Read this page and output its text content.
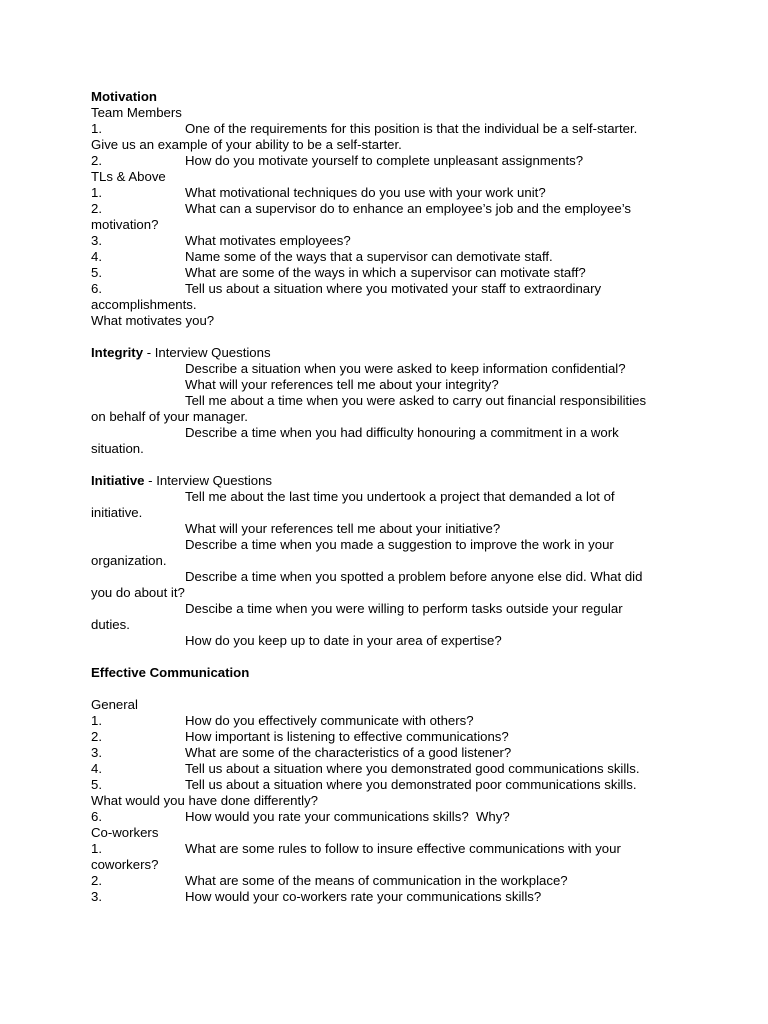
Motivation

Team Members

1.	One of the requirements for this position is that the individual be a self-starter.

Give us an example of your ability to be a self-starter.

2.	How do you motivate yourself to complete unpleasant assignments?

TLs & Above

1.	What motivational techniques do you use with your work unit?
2.	What can a supervisor do to enhance an employee’s job and the employee’s

motivation?

3.	What motivates employees?
4.	Name some of the ways that a supervisor can demotivate staff.
5.	What are some of the ways in which a supervisor can motivate staff?
6.	Tell us about a situation where you motivated your staff to extraordinary

accomplishments.

What motivates you?

Integrity - Interview Questions

Describe a situation when you were asked to keep information confidential?

What will your references tell me about your integrity?

Tell me about a time when you were asked to carry out financial responsibilities

on behalf of your manager.

Describe a time when you had difficulty honouring a commitment in a work

situation.

Initiative - Interview Questions

Tell me about the last time you undertook a project that demanded a lot of

initiative.

What will your references tell me about your initiative?

Describe a time when you made a suggestion to improve the work in your

organization.

Describe a time when you spotted a problem before anyone else did. What did

you do about it?

Descibe a time when you were willing to perform tasks outside your regular

duties.

How do you keep up to date in your area of expertise?

Effective Communication

General

1.	How do you effectively communicate with others?
2.	How important is listening to effective communications?
3.	What are some of the characteristics of a good listener?
4.	Tell us about a situation where you demonstrated good communications skills.
5.	Tell us about a situation where you demonstrated poor communications skills.

What would you have done differently?

6.	How would you rate your communications skills?  Why?

Co-workers

1.	What are some rules to follow to insure effective communications with your

coworkers?

2.	What are some of the means of communication in the workplace?
3.	How would your co-workers rate your communications skills?
